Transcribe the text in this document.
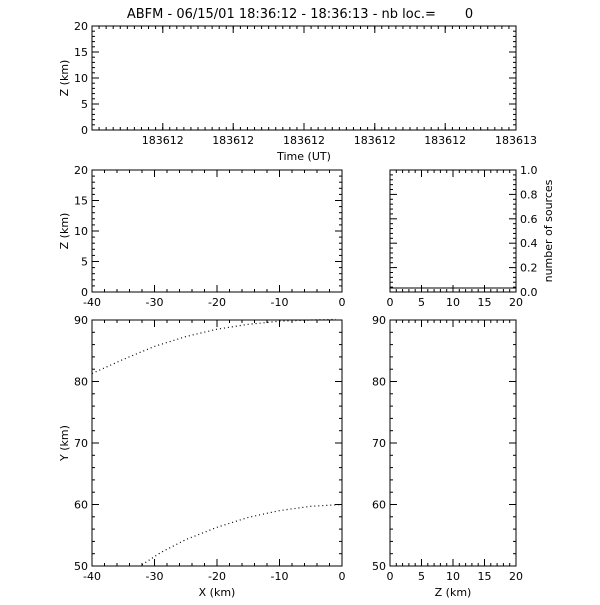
ABFM - 06/15/01 18:36:12 - 18:36:13 - nb loc.=       0
0
5
10
15
20
183612	183612	183612	183612	183612	183613
Z (km)
Time (UT)
0
5
10
15
20
-40	-30	-20	-10	0
Z (km)
0.0
0.2
0.4
0.6
0.8
1.0
0 5 10 15 20
number of sources
50
60
70
80
90
-40	-30	-20	-10	0
Y (km)
X (km)
50
60
70
80
90
0 5 10 15 20
Z (km)
